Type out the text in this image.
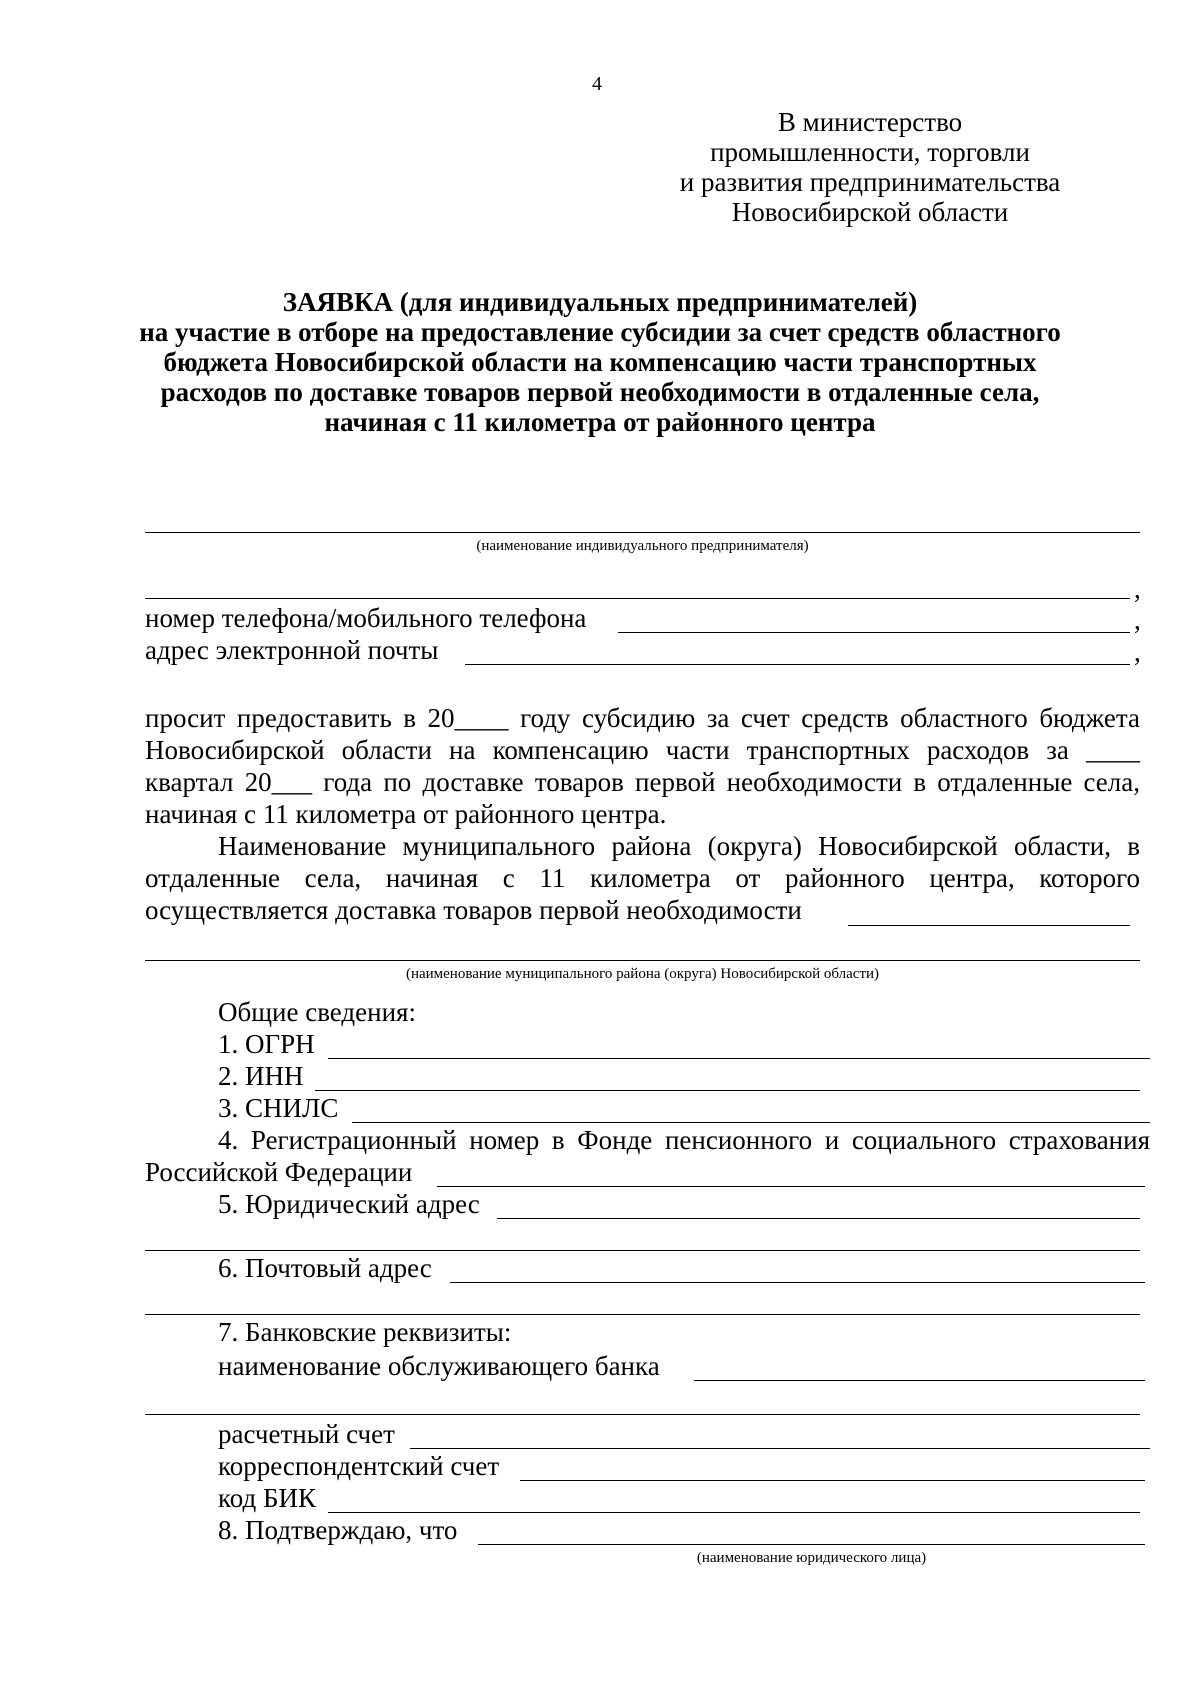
4
В министерство
промышленности, торговли
и развития предпринимательства
Новосибирской области
ЗАЯВКА (для индивидуальных предпринимателей)
на участие в отборе на предоставление субсидии за счет средств областного
бюджета Новосибирской области на компенсацию части транспортных
расходов по доставке товаров первой необходимости в отдаленные села,
начиная с 11 километра от районного центра
(наименование индивидуального предпринимателя)
,
номер телефона/мобильного телефона	,
адрес электронной почты	,
просит предоставить в 20____ году субсидию за счет средств областного бюджета
Новосибирской области на компенсацию части транспортных расходов за ____
квартал 20___ года по доставке товаров первой необходимости в отдаленные села,
начиная с 11 километра от районного центра.
Наименование муниципального района (округа) Новосибирской области, в
отдаленные села, начиная с 11 километра от районного центра, которого
осуществляется доставка товаров первой необходимости
(наименование муниципального района (округа) Новосибирской области)
Общие сведения:
1. ОГРН
2. ИНН
3. СНИЛС
4. Регистрационный номер в Фонде пенсионного и социального страхования
Российской Федерации
5. Юридический адрес
6. Почтовый адрес
7. Банковские реквизиты:
наименование обслуживающего банка
расчетный счет
корреспондентский счет
код БИК
8. Подтверждаю, что
(наименование юридического лица)
